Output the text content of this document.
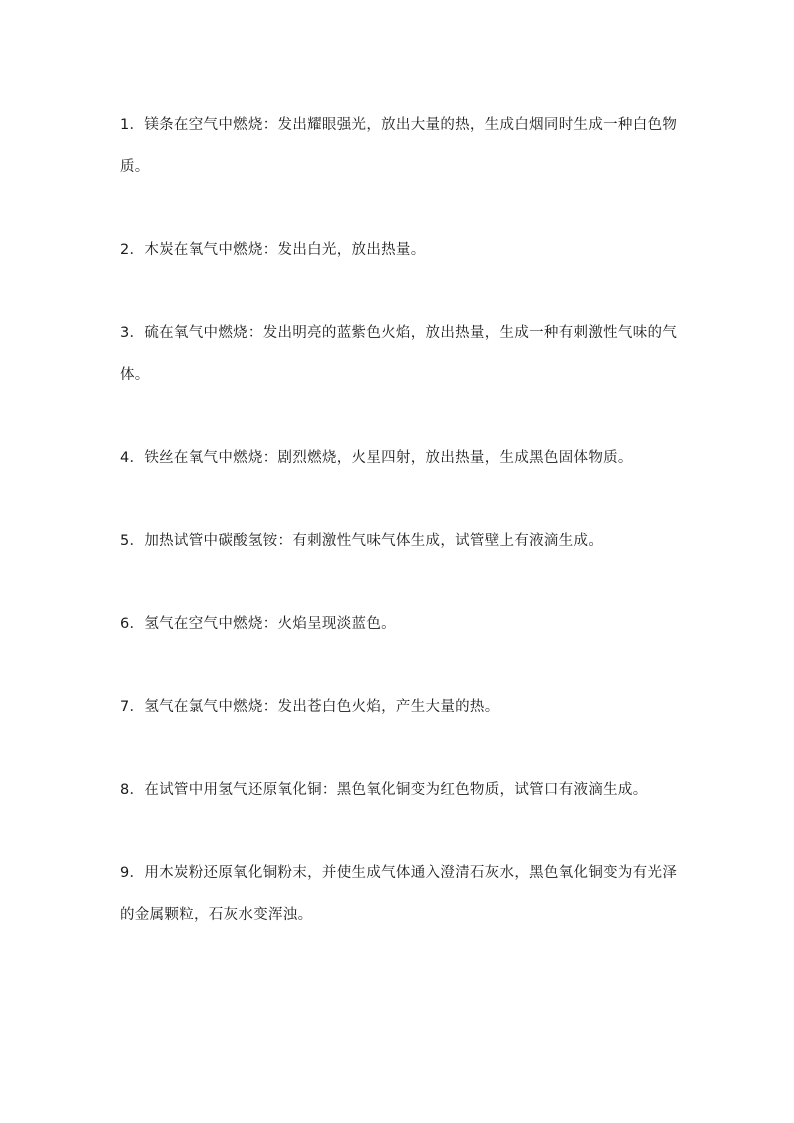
1．镁条在空气中燃烧：发出耀眼强光，放出大量的热，生成白烟同时生成一种白色物质。

2．木炭在氧气中燃烧：发出白光，放出热量。

3．硫在氧气中燃烧：发出明亮的蓝紫色火焰，放出热量，生成一种有刺激性气味的气体。

4．铁丝在氧气中燃烧：剧烈燃烧，火星四射，放出热量，生成黑色固体物质。

5．加热试管中碳酸氢铵：有刺激性气味气体生成，试管壁上有液滴生成。

6．氢气在空气中燃烧：火焰呈现淡蓝色。

7．氢气在氯气中燃烧：发出苍白色火焰，产生大量的热。

8．在试管中用氢气还原氧化铜：黑色氧化铜变为红色物质，试管口有液滴生成。

9．用木炭粉还原氧化铜粉末，并使生成气体通入澄清石灰水，黑色氧化铜变为有光泽的金属颗粒，石灰水变浑浊。
